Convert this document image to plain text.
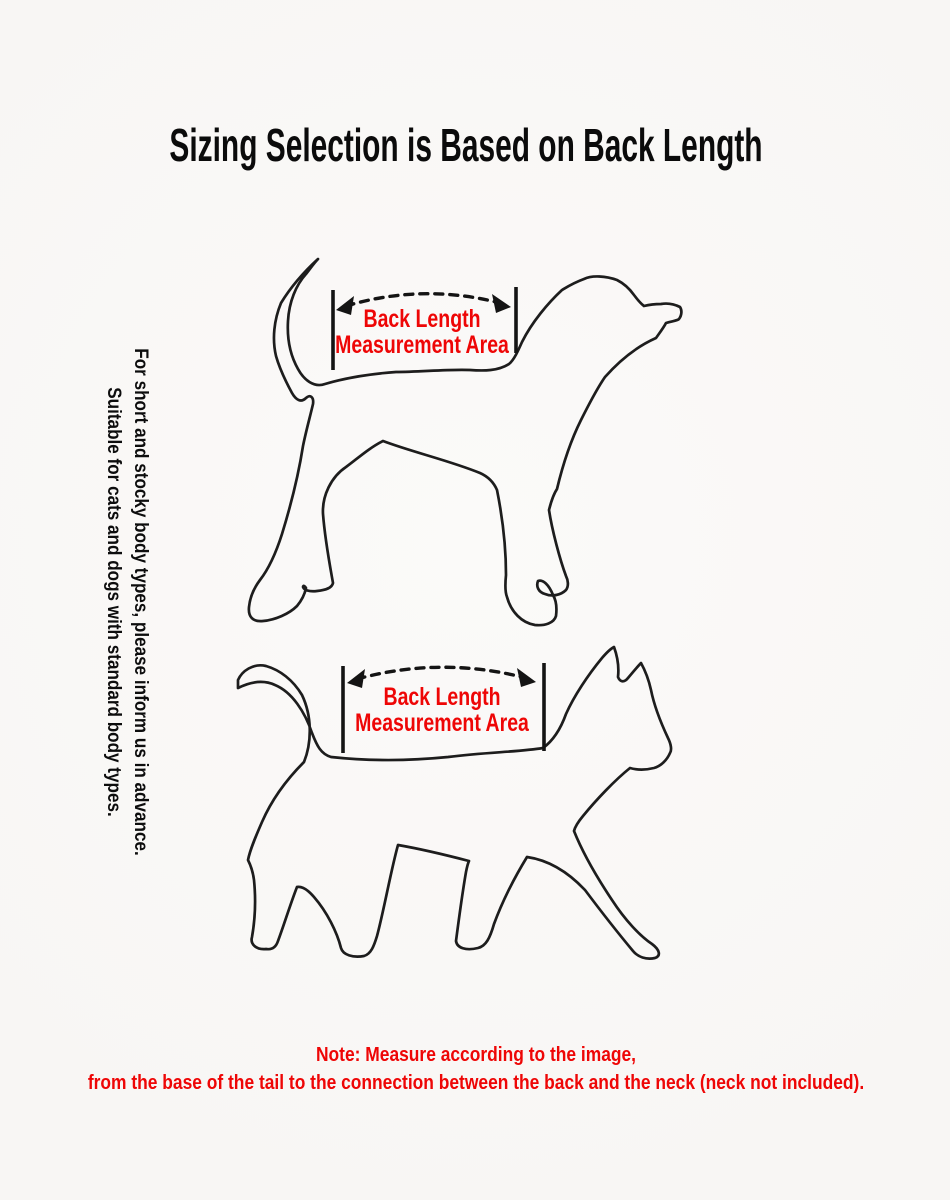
Sizing Selection is Based on Back Length
Back Length
Measurement Area
Back Length
Measurement Area
For short and stocky body types, please inform us in advance.
Suitable for cats and dogs with standard body types.
Note: Measure according to the image,
from the base of the tail to the connection between the back and the neck (neck not included).
